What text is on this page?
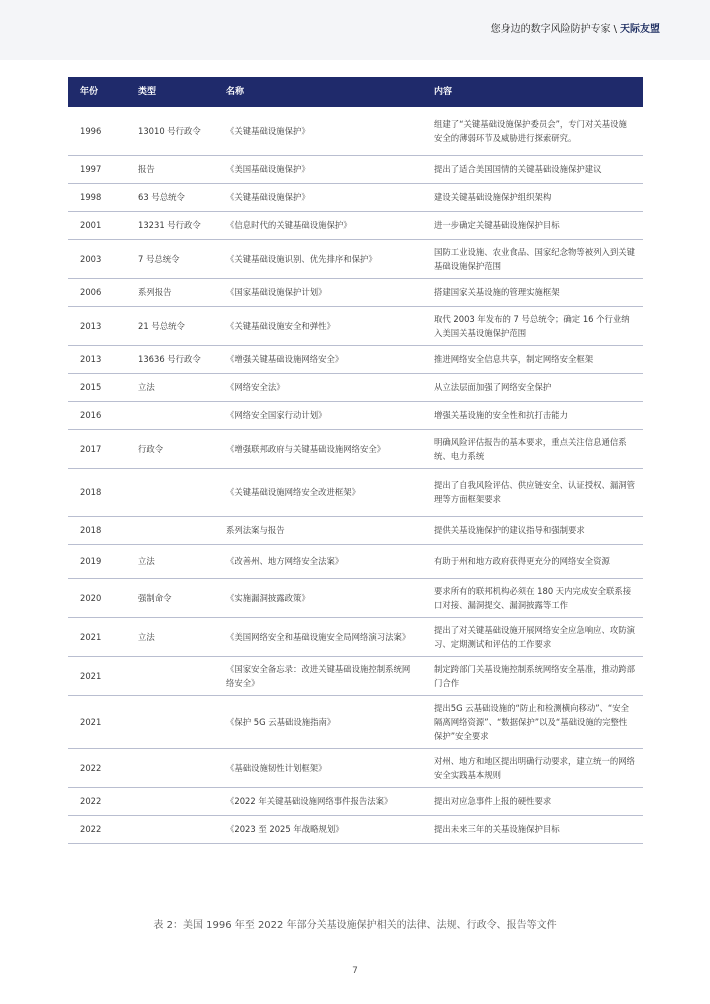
您身边的数字风险防护专家 \ 天际友盟
年份	类型	名称	内容
1996	13010 号行政令	《关键基础设施保护》	组建了“关键基础设施保护委员会”，专门对关基设施安全的薄弱环节及威胁进行探索研究。
1997	报告	《美国基础设施保护》	提出了适合美国国情的关键基础设施保护建议
1998	63 号总统令	《关键基础设施保护》	建设关键基础设施保护组织架构
2001	13231 号行政令	《信息时代的关键基础设施保护》	进一步确定关键基础设施保护目标
2003	7 号总统令	《关键基础设施识别、优先排序和保护》	国防工业设施、农业食品、国家纪念物等被列入到关键基础设施保护范围
2006	系列报告	《国家基础设施保护计划》	搭建国家关基设施的管理实施框架
2013	21 号总统令	《关键基础设施安全和弹性》	取代 2003 年发布的 7 号总统令；确定 16 个行业纳入美国关基设施保护范围
2013	13636 号行政令	《增强关键基础设施网络安全》	推进网络安全信息共享，制定网络安全框架
2015	立法	《网络安全法》	从立法层面加强了网络安全保护
2016		《网络安全国家行动计划》	增强关基设施的安全性和抗打击能力
2017	行政令	《增强联邦政府与关键基础设施网络安全》	明确风险评估报告的基本要求，重点关注信息通信系统、电力系统
2018		《关键基础设施网络安全改进框架》	提出了自我风险评估、供应链安全、认证授权、漏洞管理等方面框架要求
2018		系列法案与报告	提供关基设施保护的建议指导和强制要求
2019	立法	《改善州、地方网络安全法案》	有助于州和地方政府获得更充分的网络安全资源
2020	强制命令	《实施漏洞披露政策》	要求所有的联邦机构必须在 180 天内完成安全联系接口对接、漏洞提交、漏洞披露等工作
2021	立法	《美国网络安全和基础设施安全局网络演习法案》	提出了对关键基础设施开展网络安全应急响应、攻防演习、定期测试和评估的工作要求
2021		《国家安全备忘录：改进关键基础设施控制系统网络安全》	制定跨部门关基设施控制系统网络安全基准，推动跨部门合作
2021		《保护 5G 云基础设施指南》	提出5G 云基础设施的“防止和检测横向移动”、“安全隔离网络资源”、“数据保护”以及“基础设施的完整性保护”安全要求
2022		《基础设施韧性计划框架》	对州、地方和地区提出明确行动要求，建立统一的网络安全实践基本规则
2022		《2022 年关键基础设施网络事件报告法案》	提出对应急事件上报的硬性要求
2022		《2023 至 2025 年战略规划》	提出未来三年的关基设施保护目标
表 2：美国 1996 年至 2022 年部分关基设施保护相关的法律、法规、行政令、报告等文件
7
